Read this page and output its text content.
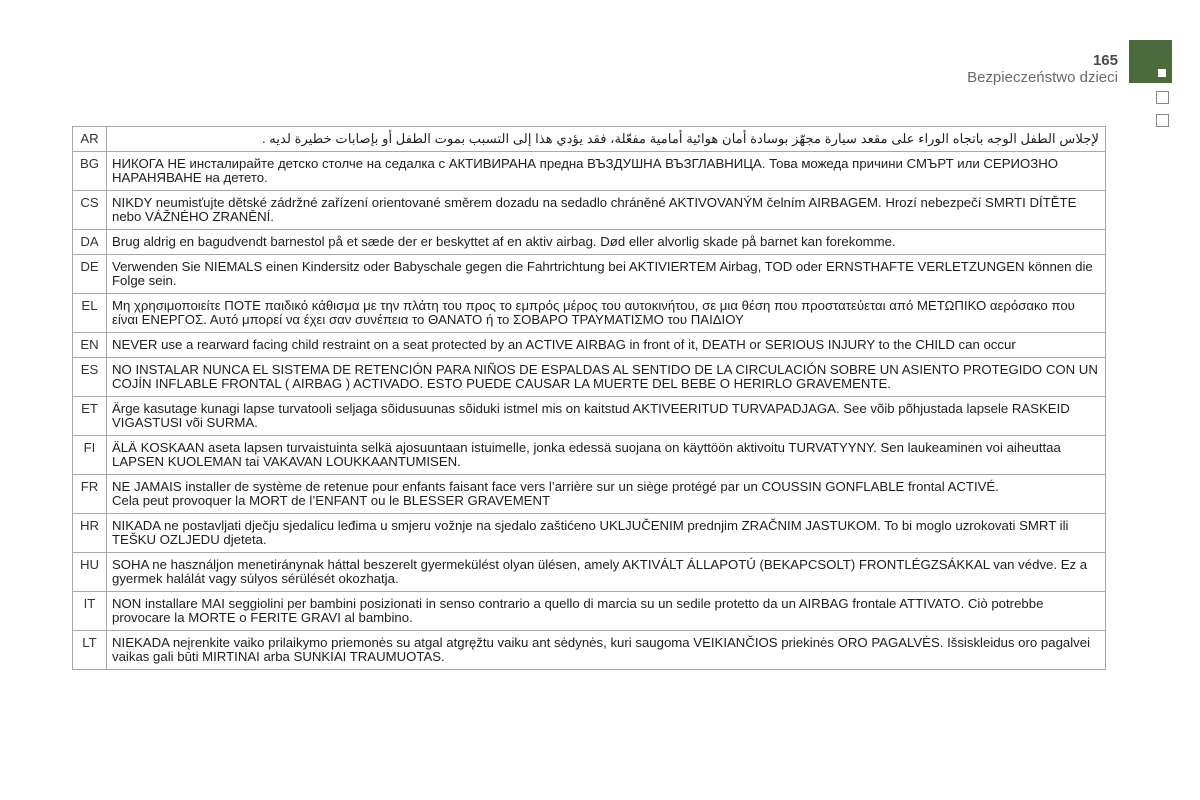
165
Bezpieczeństwo dzieci
AR	لإجلاس الطفل الوجه باتجاه الوراء على مقعد سيارة مجهّز بوسادة أمان هوائية أمامية مفعّلة، فقد يؤدي هذا إلى التسبب بموت الطفل أو بإصابات خطيرة لديه .
BG	НИКОГА НЕ инсталирайте детско столче на седалка с АКТИВИРАНА предна ВЪЗДУШНА ВЪЗГЛАВНИЦА. Това можеда причини СМЪРТ или СЕРИОЗНО НАРАНЯВАНЕ на детето.
CS	NIKDY neumisťujte dětské zádržné zařízení orientované směrem dozadu na sedadlo chráněné AKTIVOVANÝM čelním AIRBAGEM. Hrozí nebezpečí SMRTI DÍTĚTE nebo VÁŽNÉHO ZRANĚNÍ.
DA	Brug aldrig en bagudvendt barnestol på et sæde der er beskyttet af en aktiv airbag. Død eller alvorlig skade på barnet kan forekomme.
DE	Verwenden Sie NIEMALS einen Kindersitz oder Babyschale gegen die Fahrtrichtung bei AKTIVIERTEM Airbag, TOD oder ERNSTHAFTE VERLETZUNGEN können die Folge sein.
EL	Μη χρησιμοποιείτε ΠΟΤΕ παιδικό κάθισμα με την πλάτη του προς το εμπρός μέρος του αυτοκινήτου, σε μια θέση που προστατεύεται από ΜΕΤΩΠΙΚΟ αερόσακο που είναι ΕΝΕΡΓΟΣ. Αυτό μπορεί να έχει σαν συνέπεια το ΘΑΝΑΤΟ ή το ΣΟΒΑΡΟ ΤΡΑΥΜΑΤΙΣΜΟ του ΠΑΙΔΙΟΥ
EN	NEVER use a rearward facing child restraint on a seat protected by an ACTIVE AIRBAG in front of it, DEATH or SERIOUS INJURY to the CHILD can occur
ES	NO INSTALAR NUNCA EL SISTEMA DE RETENCIÓN PARA NIÑOS DE ESPALDAS AL SENTIDO DE LA CIRCULACIÓN SOBRE UN ASIENTO PROTEGIDO CON UN COJÍN INFLABLE FRONTAL ( AIRBAG ) ACTIVADO. ESTO PUEDE CAUSAR LA MUERTE DEL BEBE O HERIRLO GRAVEMENTE.
ET	Ärge kasutage kunagi lapse turvatooli seljaga sõidusuunas sõiduki istmel mis on kaitstud AKTIVEERITUD TURVAPADJAGA. See võib põhjustada lapsele RASKEID VIGASTUSI või SURMA.
FI	ÄLÄ KOSKAAN aseta lapsen turvaistuinta selkä ajosuuntaan istuimelle, jonka edessä suojana on käyttöön aktivoitu TURVATYYNY. Sen laukeaminen voi aiheuttaa LAPSEN KUOLEMAN tai VAKAVAN LOUKKAANTUMISEN.
FR	NE JAMAIS installer de système de retenue pour enfants faisant face vers l’arrière sur un siège protégé par un COUSSIN GONFLABLE frontal ACTIVÉ.
Cela peut provoquer la MORT de l’ENFANT ou le BLESSER GRAVEMENT
HR	NIKADA ne postavljati dječju sjedalicu leđima u smjeru vožnje na sjedalo zaštićeno UKLJUČENIM prednjim ZRAČNIM JASTUKOM. To bi moglo uzrokovati SMRT ili TEŠKU OZLJEDU djeteta.
HU	SOHA ne használjon menetiránynak háttal beszerelt gyermekülést olyan ülésen, amely AKTIVÁLT ÁLLAPOTÚ (BEKAPCSOLT) FRONTLÉGZSÁKKAL van védve. Ez a gyermek halálát vagy súlyos sérülését okozhatja.
IT	NON installare MAI seggiolini per bambini posizionati in senso contrario a quello di marcia su un sedile protetto da un AIRBAG frontale ATTIVATO. Ciò potrebbe provocare la MORTE o FERITE GRAVI al bambino.
LT	NIEKADA neįrenkite vaiko prilaikymo priemonės su atgal atgręžtu vaiku ant sėdynės, kuri saugoma VEIKIANČIOS priekinės ORO PAGALVĖS. Išsiskleidus oro pagalvei vaikas gali būti MIRTINAI arba SUNKIAI TRAUMUOTAS.
